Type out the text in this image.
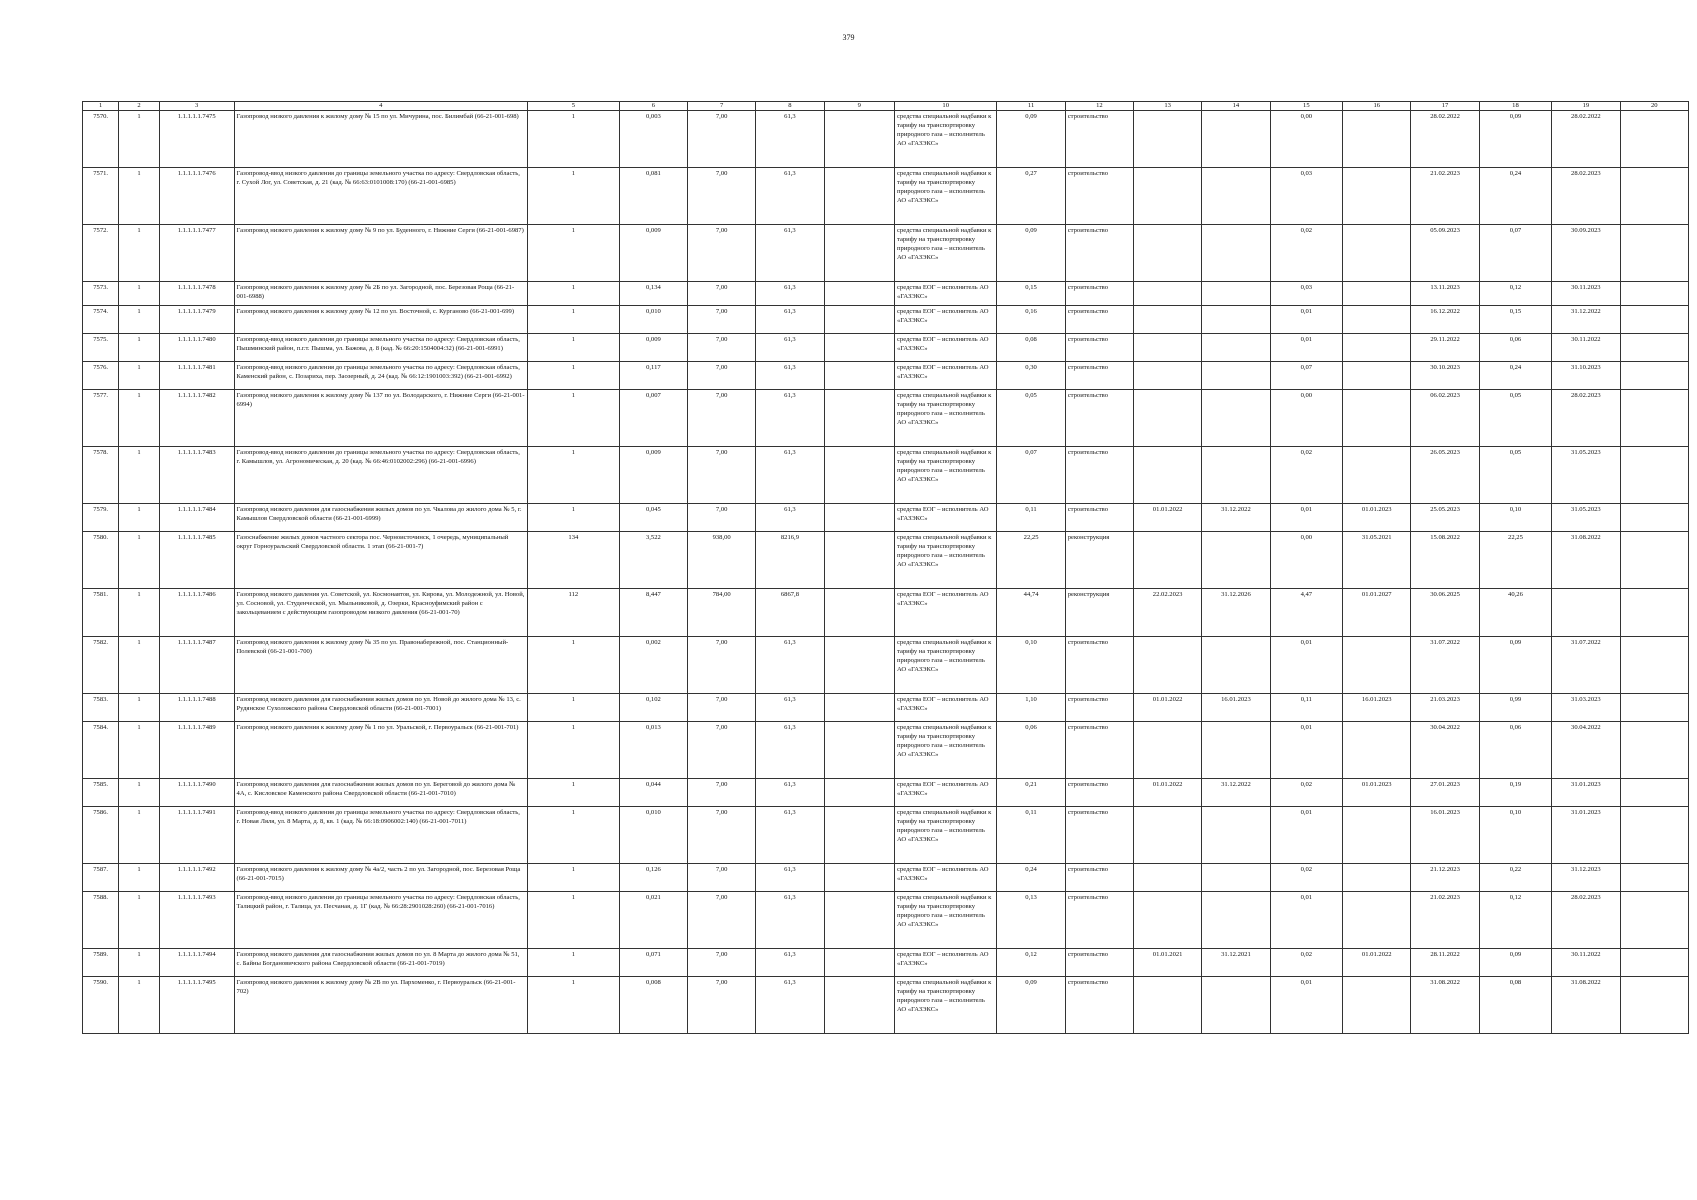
379
1	2	3	4	5	6	7	8	9	10	11	12	13	14	15	16	17	18	19	20
7570.	1	1.1.1.1.1.7475	Газопровод низкого давления к жилому дому № 15 по ул. Мичурина, пос. Билимбай (66-21-001-698)	1	0,003	7,00	61,3		средства специальной надбавки к тарифу на транспортировку природного газа – исполнитель АО «ГАЗЭКС»	0,09	строительство			0,00		28.02.2022	0,09	28.02.2022	
7571.	1	1.1.1.1.1.7476	Газопровод-ввод низкого давления до границы земельного участка по адресу: Свердловская область, г. Сухой Лог, ул. Советская, д. 21 (кад. № 66:63:0101008:170) (66-21-001-6985)	1	0,081	7,00	61,3		средства специальной надбавки к тарифу на транспортировку природного газа – исполнитель АО «ГАЗЭКС»	0,27	строительство			0,03		21.02.2023	0,24	28.02.2023	
7572.	1	1.1.1.1.1.7477	Газопровод низкого давления к жилому дому № 9 по ул. Буденного, г. Нижние Серги (66-21-001-6987)	1	0,009	7,00	61,3		средства специальной надбавки к тарифу на транспортировку природного газа – исполнитель АО «ГАЗЭКС»	0,09	строительство			0,02		05.09.2023	0,07	30.09.2023	
7573.	1	1.1.1.1.1.7478	Газопровод низкого давления к жилому дому № 2Б по ул. Загородной, пос. Березовая Роща (66-21-001-6988)	1	0,134	7,00	61,3		средства ЕОГ – исполнитель АО «ГАЗЭКС»	0,15	строительство			0,03		13.11.2023	0,12	30.11.2023	
7574.	1	1.1.1.1.1.7479	Газопровод низкого давления к жилому дому № 12 по ул. Восточной, с. Курганово (66-21-001-699)	1	0,010	7,00	61,3		средства ЕОГ – исполнитель АО «ГАЗЭКС»	0,16	строительство			0,01		16.12.2022	0,15	31.12.2022	
7575.	1	1.1.1.1.1.7480	Газопровод-ввод низкого давления до границы земельного участка по адресу: Свердловская область, Пышминский район, п.г.т. Пышма, ул. Бажова, д. 8 (кад. № 66:20:1504004:32) (66-21-001-6991)	1	0,009	7,00	61,3		средства ЕОГ – исполнитель АО «ГАЗЭКС»	0,08	строительство			0,01		29.11.2022	0,06	30.11.2022	
7576.	1	1.1.1.1.1.7481	Газопровод-ввод низкого давления до границы земельного участка по адресу: Свердловская область, Каменский район, с. Позариха, пер. Заозерный, д. 24 (кад. № 66:12:1901003:392) (66-21-001-6992)	1	0,117	7,00	61,3		средства ЕОГ – исполнитель АО «ГАЗЭКС»	0,30	строительство			0,07		30.10.2023	0,24	31.10.2023	
7577.	1	1.1.1.1.1.7482	Газопровод низкого давления к жилому дому № 137 по ул. Володарского, г. Нижние Серги (66-21-001-6994)	1	0,007	7,00	61,3		средства специальной надбавки к тарифу на транспортировку природного газа – исполнитель АО «ГАЗЭКС»	0,05	строительство			0,00		06.02.2023	0,05	28.02.2023	
7578.	1	1.1.1.1.1.7483	Газопровод-ввод низкого давления до границы земельного участка по адресу: Свердловская область, г. Камышлов, ул. Агрономическая, д. 20 (кад. № 66:46:0102002:296) (66-21-001-6996)	1	0,009	7,00	61,3		средства специальной надбавки к тарифу на транспортировку природного газа – исполнитель АО «ГАЗЭКС»	0,07	строительство			0,02		26.05.2023	0,05	31.05.2023	
7579.	1	1.1.1.1.1.7484	Газопровод низкого давления для газоснабжения жилых домов по ул. Чкалова до жилого дома № 5, г. Камышлов Свердловской области (66-21-001-6999)	1	0,045	7,00	61,3		средства ЕОГ – исполнитель АО «ГАЗЭКС»	0,11	строительство	01.01.2022	31.12.2022	0,01	01.01.2023	25.05.2023	0,10	31.05.2023	
7580.	1	1.1.1.1.1.7485	Газоснабжение жилых домов частного сектора пос. Черноисточинск, 1 очередь, муниципальный округ Горноуральский Свердловской области. 1 этап (66-21-001-7)	134	3,522	938,00	8216,9		средства специальной надбавки к тарифу на транспортировку природного газа – исполнитель АО «ГАЗЭКС»	22,25	реконструкция			0,00	31.05.2021	15.08.2022	22,25	31.08.2022	
7581.	1	1.1.1.1.1.7486	Газопровод низкого давления ул. Советской, ул. Космонавтов, ул. Кирова, ул. Молодежной, ул. Новой, ул. Сосновой, ул. Студенческой, ул. Мыльниковой, д. Озерки, Красноуфимский район с закольцеванием с действующим газопроводом низкого давления (66-21-001-70)	112	8,447	784,00	6867,8		средства ЕОГ – исполнитель АО «ГАЗЭКС»	44,74	реконструкция	22.02.2023	31.12.2026	4,47	01.01.2027	30.06.2025	40,26		
7582.	1	1.1.1.1.1.7487	Газопровод низкого давления к жилому дому № 35 по ул. Правонабережной, пос. Станционный-Полевской (66-21-001-700)	1	0,002	7,00	61,3		средства специальной надбавки к тарифу на транспортировку природного газа – исполнитель АО «ГАЗЭКС»	0,10	строительство			0,01		31.07.2022	0,09	31.07.2022	
7583.	1	1.1.1.1.1.7488	Газопровод низкого давления для газоснабжения жилых домов по ул. Новой до жилого дома № 13, с. Рудянское Сухоложского района Свердловской области (66-21-001-7001)	1	0,102	7,00	61,3		средства ЕОГ – исполнитель АО «ГАЗЭКС»	1,10	строительство	01.01.2022	16.01.2023	0,11	16.01.2023	21.03.2023	0,99	31.03.2023	
7584.	1	1.1.1.1.1.7489	Газопровод низкого давления к жилому дому № 1 по ул. Уральской, г. Первоуральск (66-21-001-701)	1	0,013	7,00	61,3		средства специальной надбавки к тарифу на транспортировку природного газа – исполнитель АО «ГАЗЭКС»	0,06	строительство			0,01		30.04.2022	0,06	30.04.2022	
7585.	1	1.1.1.1.1.7490	Газопровод низкого давления для газоснабжения жилых домов по ул. Береговой до жилого дома № 4А, с. Кисловское Каменского района Свердловской области (66-21-001-7010)	1	0,044	7,00	61,3		средства ЕОГ – исполнитель АО «ГАЗЭКС»	0,21	строительство	01.01.2022	31.12.2022	0,02	01.01.2023	27.01.2023	0,19	31.01.2023	
7586.	1	1.1.1.1.1.7491	Газопровод-ввод низкого давления до границы земельного участка по адресу: Свердловская область, г. Новая Ляля, ул. 8 Марта, д. 8, кв. 1 (кад. № 66:18:0906002:140) (66-21-001-7011)	1	0,010	7,00	61,3		средства специальной надбавки к тарифу на транспортировку природного газа – исполнитель АО «ГАЗЭКС»	0,11	строительство			0,01		16.01.2023	0,10	31.01.2023	
7587.	1	1.1.1.1.1.7492	Газопровод низкого давления к жилому дому № 4а/2, часть 2 по ул. Загородной, пос. Березовая Роща (66-21-001-7015)	1	0,126	7,00	61,3		средства ЕОГ – исполнитель АО «ГАЗЭКС»	0,24	строительство			0,02		21.12.2023	0,22	31.12.2023	
7588.	1	1.1.1.1.1.7493	Газопровод-ввод низкого давления до границы земельного участка по адресу: Свердловская область, Талицкий район, г. Талица, ул. Песчаная, д. 1Г (кад. № 66:28:2901028:260) (66-21-001-7016)	1	0,021	7,00	61,3		средства специальной надбавки к тарифу на транспортировку природного газа – исполнитель АО «ГАЗЭКС»	0,13	строительство			0,01		21.02.2023	0,12	28.02.2023	
7589.	1	1.1.1.1.1.7494	Газопровод низкого давления для газоснабжения жилых домов по ул. 8 Марта до жилого дома № 51, с. Байны Богдановичского района Свердловской области (66-21-001-7019)	1	0,071	7,00	61,3		средства ЕОГ – исполнитель АО «ГАЗЭКС»	0,12	строительство	01.01.2021	31.12.2021	0,02	01.01.2022	28.11.2022	0,09	30.11.2022	
7590.	1	1.1.1.1.1.7495	Газопровод низкого давления к жилому дому № 2В по ул. Пархоменко, г. Первоуральск (66-21-001-702)	1	0,008	7,00	61,3		средства специальной надбавки к тарифу на транспортировку природного газа – исполнитель АО «ГАЗЭКС»	0,09	строительство			0,01		31.08.2022	0,08	31.08.2022	
